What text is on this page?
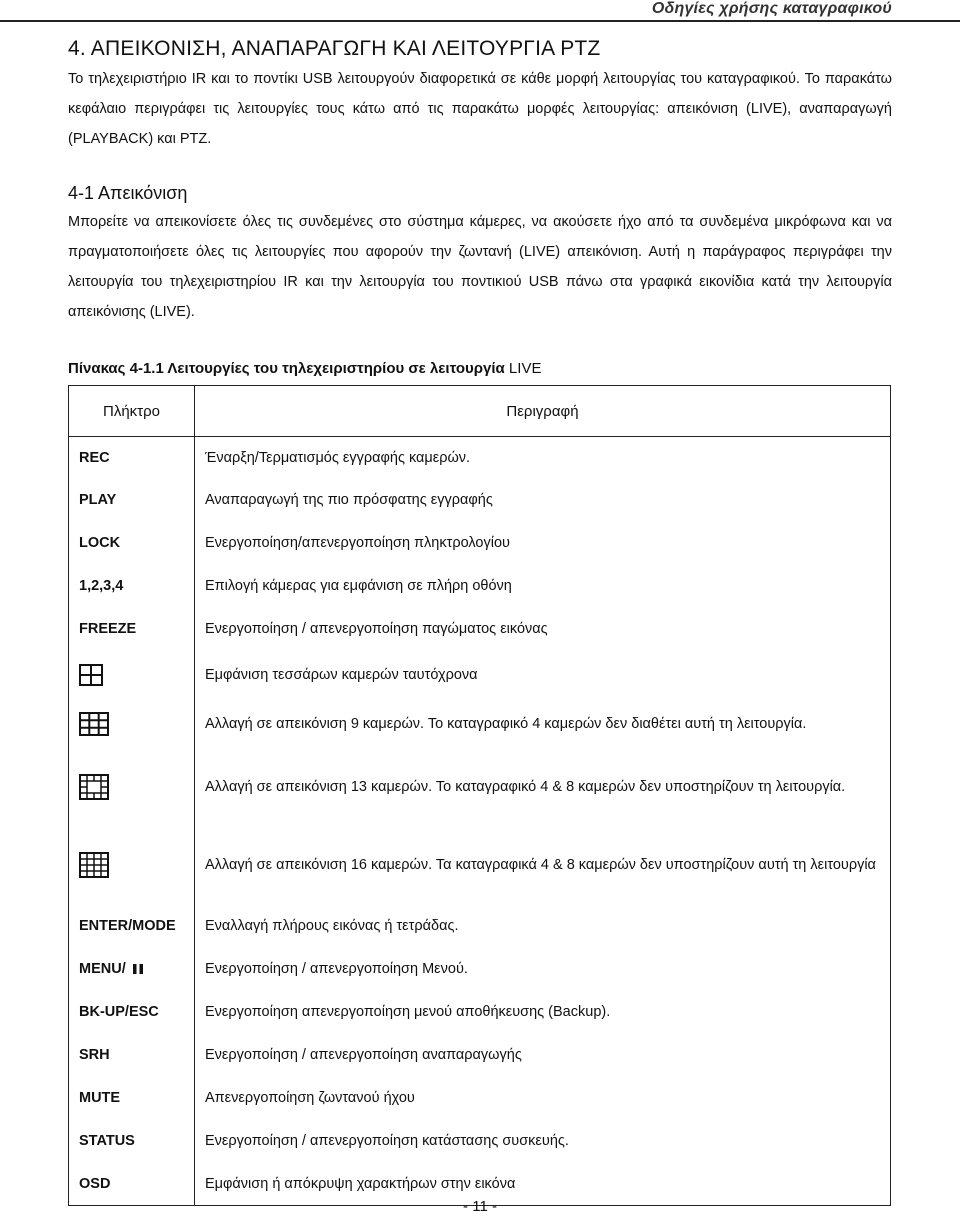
Οδηγίες χρήσης καταγραφικού
4. ΑΠΕΙΚΟΝΙΣΗ, ΑΝΑΠΑΡΑΓΩΓΗ ΚΑΙ ΛΕΙΤΟΥΡΓΙΑ PTZ
Το τηλεχειριστήριο IR και το ποντίκι USB λειτουργούν διαφορετικά σε κάθε μορφή λειτουργίας του καταγραφικού. Το παρακάτω κεφάλαιο περιγράφει τις λειτουργίες τους κάτω από τις παρακάτω μορφές λειτουργίας: απεικόνιση (LIVE), αναπαραγωγή (PLAYBACK) και PTZ.
4-1 Απεικόνιση
Μπορείτε να απεικονίσετε όλες τις συνδεμένες στο σύστημα κάμερες, να ακούσετε ήχο από τα συνδεμένα μικρόφωνα και να πραγματοποιήσετε όλες τις λειτουργίες που αφορούν την ζωντανή (LIVE) απεικόνιση. Αυτή η παράγραφος περιγράφει την λειτουργία του τηλεχειριστηρίου IR και την λειτουργία του ποντικιού USB πάνω στα γραφικά εικονίδια κατά την λειτουργία απεικόνισης (LIVE).
Πίνακας 4-1.1 Λειτουργίες του τηλεχειριστηρίου σε λειτουργία LIVE
Πλήκτρο	Περιγραφή
REC	Έναρξη/Τερματισμός εγγραφής καμερών.
PLAY	Αναπαραγωγή της πιο πρόσφατης εγγραφής
LOCK	Ενεργοποίηση/απενεργοποίηση πληκτρολογίου
1,2,3,4	Επιλογή κάμερας για εμφάνιση σε πλήρη οθόνη
FREEZE	Ενεργοποίηση / απενεργοποίηση παγώματος εικόνας
	Εμφάνιση τεσσάρων καμερών ταυτόχρονα
	Αλλαγή σε απεικόνιση 9 καμερών. Το καταγραφικό 4 καμερών δεν διαθέτει αυτή τη λειτουργία.
	Αλλαγή σε απεικόνιση 13 καμερών. Το καταγραφικό 4 & 8 καμερών δεν υποστηρίζουν τη λειτουργία.
	Αλλαγή σε απεικόνιση 16 καμερών. Τα καταγραφικά 4 & 8 καμερών δεν υποστηρίζουν αυτή τη λειτουργία
ENTER/MODE	Εναλλαγή πλήρους εικόνας ή τετράδας.
MENU/	Ενεργοποίηση / απενεργοποίηση Μενού.
BK-UP/ESC	Ενεργοποίηση απενεργοποίηση μενού αποθήκευσης (Backup).
SRH	Ενεργοποίηση / απενεργοποίηση αναπαραγωγής
MUTE	Απενεργοποίηση ζωντανού ήχου
STATUS	Ενεργοποίηση / απενεργοποίηση κατάστασης συσκευής.
OSD	Εμφάνιση ή απόκρυψη χαρακτήρων στην εικόνα
- 11 -
